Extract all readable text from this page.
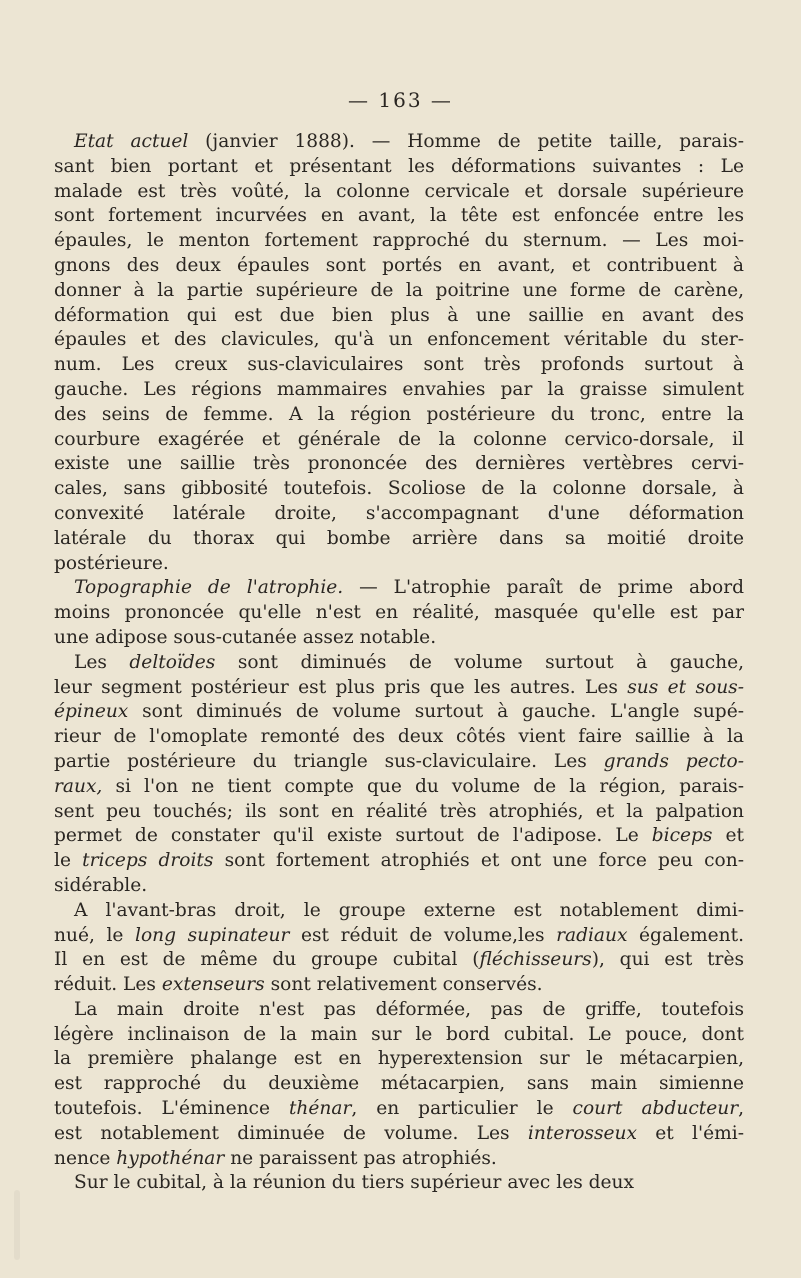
— 163 —
Etat actuel (janvier 1888). — Homme de petite taille, parais-
sant bien portant et présentant les déformations suivantes : Le
malade est très voûté, la colonne cervicale et dorsale supérieure
sont fortement incurvées en avant, la tête est enfoncée entre les
épaules, le menton fortement rapproché du sternum. — Les moi-
gnons des deux épaules sont portés en avant, et contribuent à
donner à la partie supérieure de la poitrine une forme de carène,
déformation qui est due bien plus à une saillie en avant des
épaules et des clavicules, qu'à un enfoncement véritable du ster-
num. Les creux sus-claviculaires sont très profonds surtout à
gauche. Les régions mammaires envahies par la graisse simulent
des seins de femme. A la région postérieure du tronc, entre la
courbure exagérée et générale de la colonne cervico-dorsale, il
existe une saillie très prononcée des dernières vertèbres cervi-
cales, sans gibbosité toutefois. Scoliose de la colonne dorsale, à
convexité latérale droite, s'accompagnant d'une déformation
latérale du thorax qui bombe arrière dans sa moitié droite
postérieure.
Topographie de l'atrophie. — L'atrophie paraît de prime abord
moins prononcée qu'elle n'est en réalité, masquée qu'elle est par
une adipose sous-cutanée assez notable.
Les deltoïdes sont diminués de volume surtout à gauche,
leur segment postérieur est plus pris que les autres. Les sus et sous-
épineux sont diminués de volume surtout à gauche. L'angle supé-
rieur de l'omoplate remonté des deux côtés vient faire saillie à la
partie postérieure du triangle sus-claviculaire. Les grands pecto-
raux, si l'on ne tient compte que du volume de la région, parais-
sent peu touchés; ils sont en réalité très atrophiés, et la palpation
permet de constater qu'il existe surtout de l'adipose. Le biceps et
le triceps droits sont fortement atrophiés et ont une force peu con-
sidérable.
A l'avant-bras droit, le groupe externe est notablement dimi-
nué, le long supinateur est réduit de volume,les radiaux également.
Il en est de même du groupe cubital (fléchisseurs), qui est très
réduit. Les extenseurs sont relativement conservés.
La main droite n'est pas déformée, pas de griffe, toutefois
légère inclinaison de la main sur le bord cubital. Le pouce, dont
la première phalange est en hyperextension sur le métacarpien,
est rapproché du deuxième métacarpien, sans main simienne
toutefois. L'éminence thénar, en particulier le court abducteur,
est notablement diminuée de volume. Les interosseux et l'émi-
nence hypothénar ne paraissent pas atrophiés.
Sur le cubital, à la réunion du tiers supérieur avec les deux
